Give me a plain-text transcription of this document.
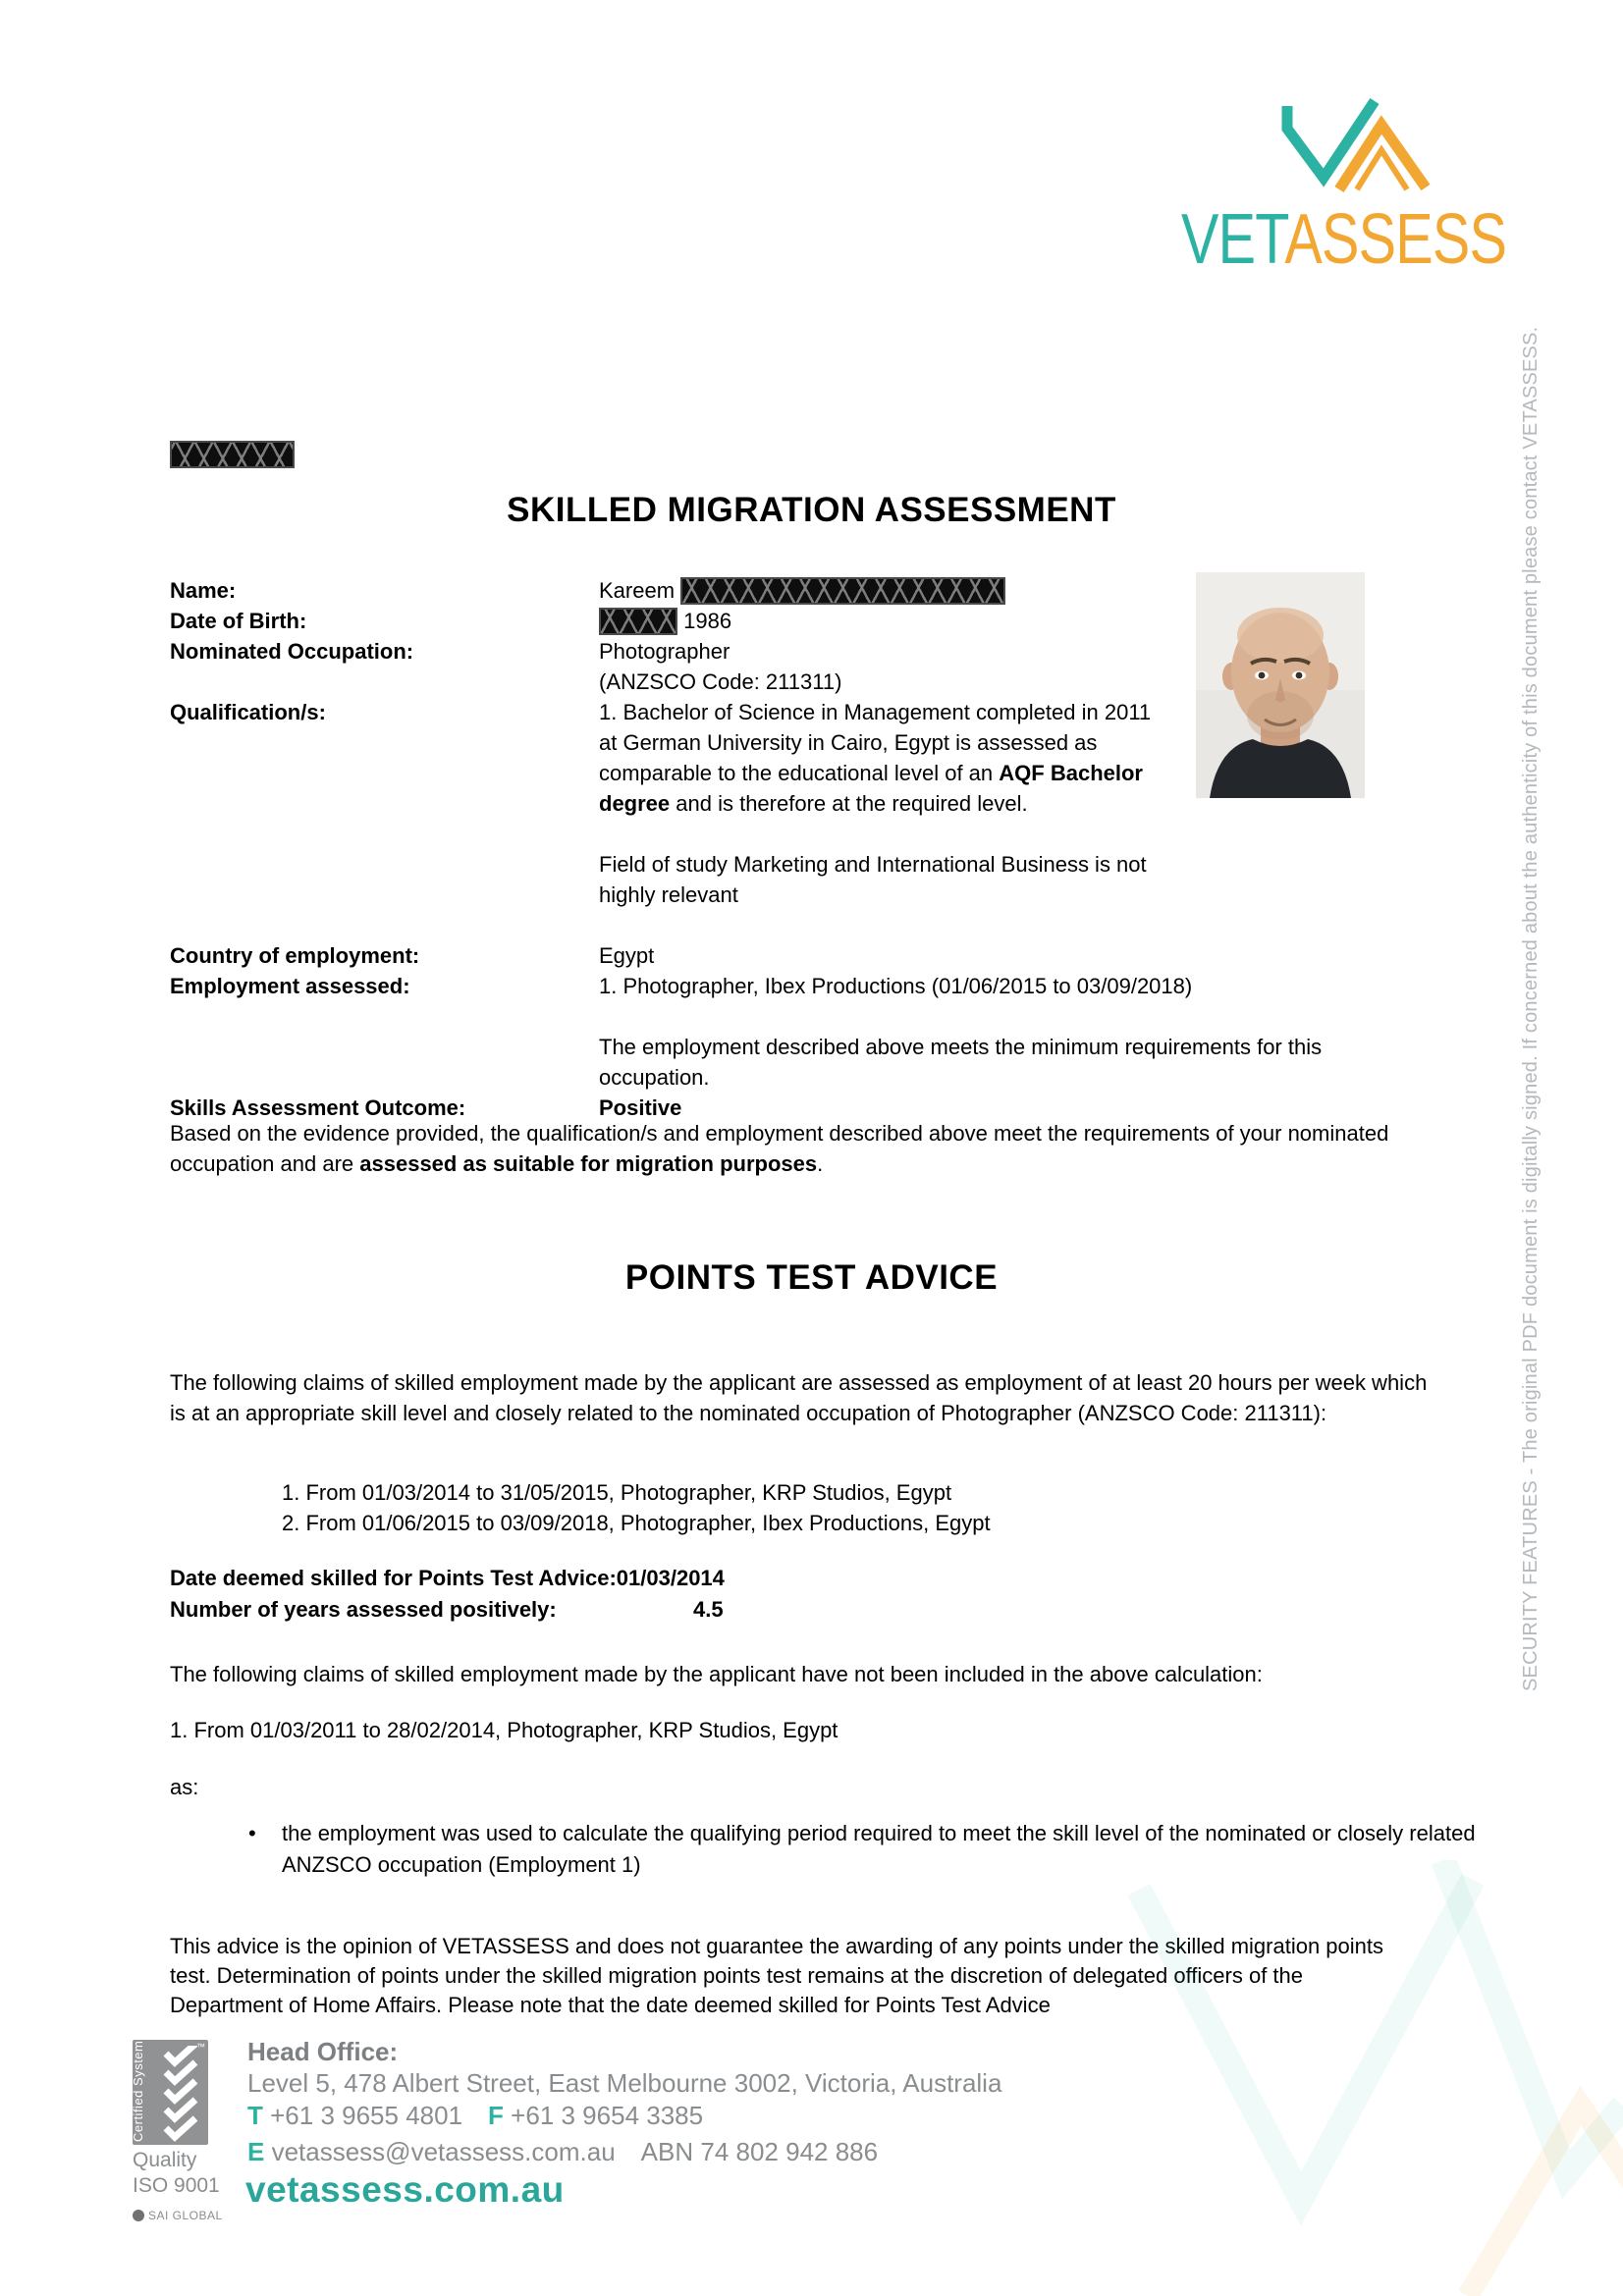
VETASSESS
SECURITY FEATURES - The original PDF document is digitally signed. If concerned about the authenticity of this document please contact VETASSESS.
SKILLED MIGRATION ASSESSMENT
Name:	Kareem
Date of Birth:	1986
Nominated Occupation:	Photographer
(ANZSCO Code: 211311)
Qualification/s:	1. Bachelor of Science in Management completed in 2011 at German University in Cairo, Egypt is assessed as comparable to the educational level of an AQF Bachelor degree and is therefore at the required level.
Field of study Marketing and International Business is not highly relevant
Country of employment:	Egypt
Employment assessed:	1. Photographer, Ibex Productions (01/06/2015 to 03/09/2018)
The employment described above meets the minimum requirements for this occupation.
Skills Assessment Outcome:	Positive
Based on the evidence provided, the qualification/s and employment described above meet the requirements of your nominated occupation and are assessed as suitable for migration purposes.
POINTS TEST ADVICE
The following claims of skilled employment made by the applicant are assessed as employment of at least 20 hours per week which is at an appropriate skill level and closely related to the nominated occupation of Photographer (ANZSCO Code: 211311):
1. From 01/03/2014 to 31/05/2015, Photographer, KRP Studios, Egypt
2. From 01/06/2015 to 03/09/2018, Photographer, Ibex Productions, Egypt
Date deemed skilled for Points Test Advice:01/03/2014
Number of years assessed positively:	4.5
The following claims of skilled employment made by the applicant have not been included in the above calculation:
1. From 01/03/2011 to 28/02/2014, Photographer, KRP Studios, Egypt
as:
•	the employment was used to calculate the qualifying period required to meet the skill level of the nominated or closely related ANZSCO occupation (Employment 1)
This advice is the opinion of VETASSESS and does not guarantee the awarding of any points under the skilled migration points test. Determination of points under the skilled migration points test remains at the discretion of delegated officers of the Department of Home Affairs. Please note that the date deemed skilled for Points Test Advice
Certified System	™
Quality
ISO 9001
SAI GLOBAL
Head Office:
Level 5, 478 Albert Street, East Melbourne 3002, Victoria, Australia
T +61 3 9655 4801 F +61 3 9654 3385
E vetassess@vetassess.com.au ABN 74 802 942 886
vetassess.com.au
